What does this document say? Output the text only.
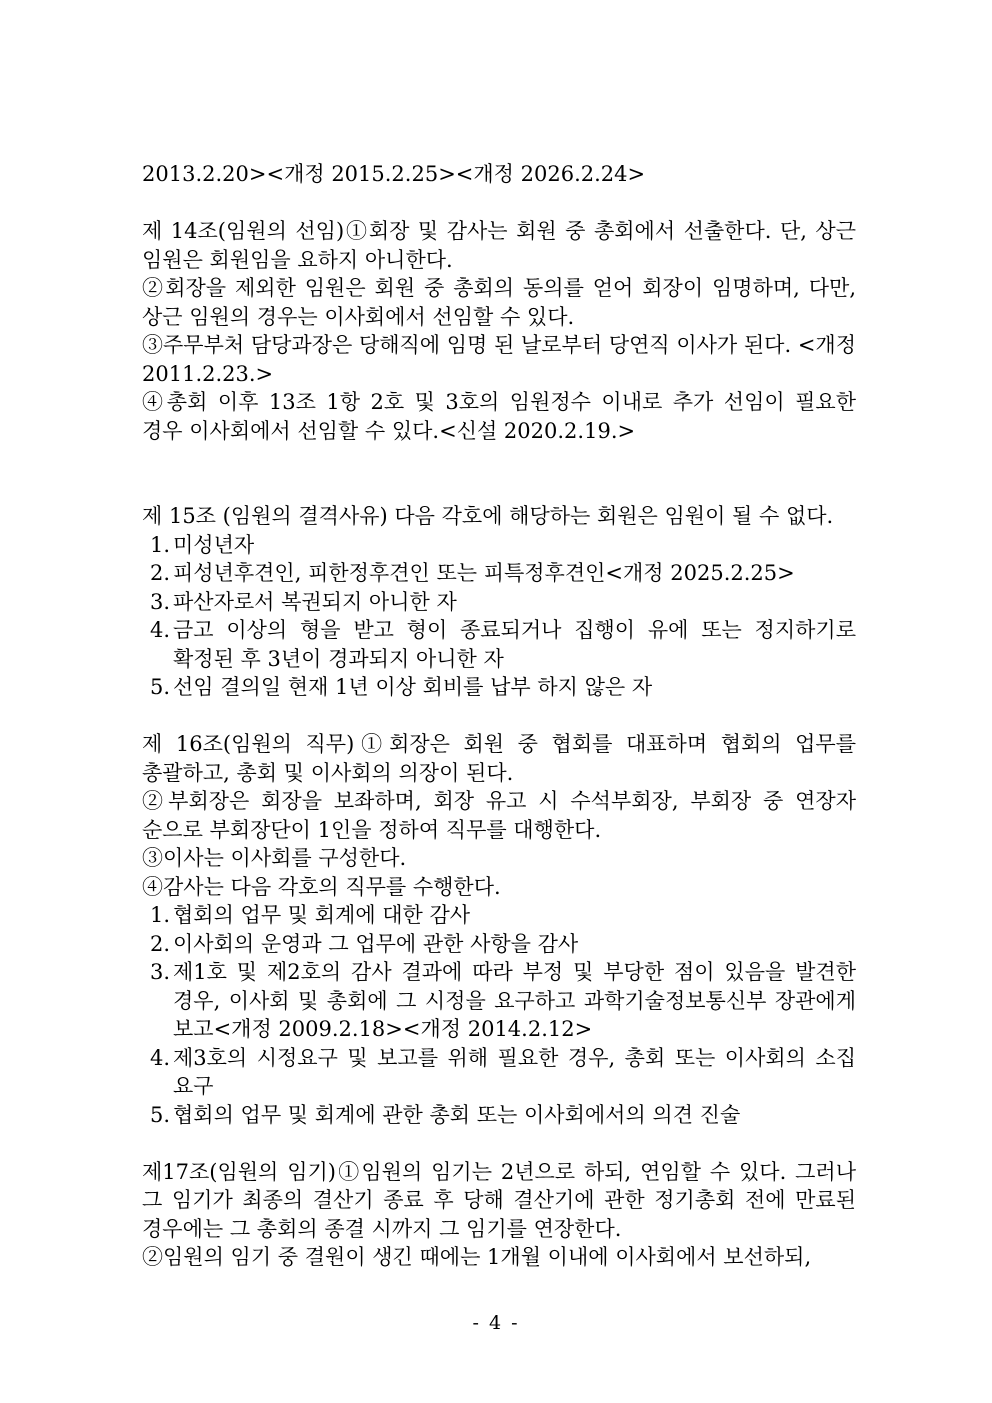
2013.2.20><개정 2015.2.25><개정 2026.2.24>

제 14조(임원의 선임)①회장 및 감사는 회원 중 총회에서 선출한다. 단, 상근 임원은 회원임을 요하지 아니한다.

②회장을 제외한 임원은 회원 중 총회의 동의를 얻어 회장이 임명하며, 다만, 상근 임원의 경우는 이사회에서 선임할 수 있다.

③주무부처 담당과장은 당해직에 임명 된 날로부터 당연직 이사가 된다. <개정 2011.2.23.>

④총회 이후 13조 1항 2호 및 3호의 임원정수 이내로 추가 선임이 필요한 경우 이사회에서 선임할 수 있다.<신설 2020.2.19.>

제 15조 (임원의 결격사유) 다음 각호에 해당하는 회원은 임원이 될 수 없다.

1. 미성년자
2. 피성년후견인, 피한정후견인 또는 피특정후견인<개정 2025.2.25>
3. 파산자로서 복권되지 아니한 자
4. 금고 이상의 형을 받고 형이 종료되거나 집행이 유에 또는 정지하기로 확정된 후 3년이 경과되지 아니한 자
5. 선임 결의일 현재 1년 이상 회비를 납부 하지 않은 자

제 16조(임원의 직무)①회장은 회원 중 협회를 대표하며 협회의 업무를 총괄하고, 총회 및 이사회의 의장이 된다.

②부회장은 회장을 보좌하며, 회장 유고 시 수석부회장, 부회장 중 연장자 순으로 부회장단이 1인을 정하여 직무를 대행한다.

③이사는 이사회를 구성한다.

④감사는 다음 각호의 직무를 수행한다.

1. 협회의 업무 및 회계에 대한 감사
2. 이사회의 운영과 그 업무에 관한 사항을 감사
3. 제1호 및 제2호의 감사 결과에 따라 부정 및 부당한 점이 있음을 발견한 경우, 이사회 및 총회에 그 시정을 요구하고 과학기술정보통신부 장관에게 보고<개정 2009.2.18><개정 2014.2.12>
4. 제3호의 시정요구 및 보고를 위해 필요한 경우, 총회 또는 이사회의 소집 요구
5. 협회의 업무 및 회계에 관한 총회 또는 이사회에서의 의견 진술

제17조(임원의 임기)①임원의 임기는 2년으로 하되, 연임할 수 있다. 그러나 그 임기가 최종의 결산기 종료 후 당해 결산기에 관한 정기총회 전에 만료된 경우에는 그 총회의 종결 시까지 그 임기를 연장한다.

②임원의 임기 중 결원이 생긴 때에는 1개월 이내에 이사회에서 보선하되,

- 4 -
